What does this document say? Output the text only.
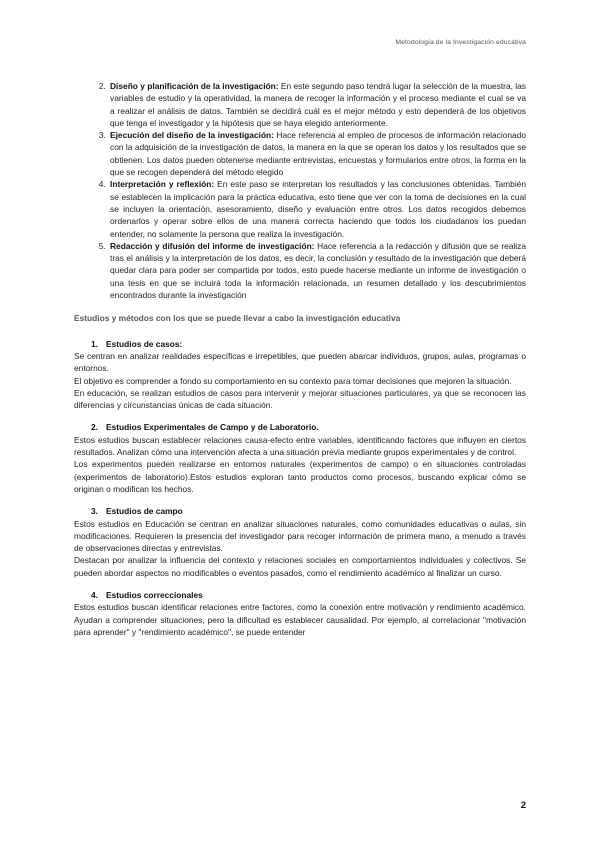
Metodología de la Investigación educativa
2. Diseño y planificación de la investigación: En este segundo paso tendrá lugar la selección de la muestra, las variables de estudio y la operatividad, la manera de recoger la información y el proceso mediante el cual se va a realizar el análisis de datos. También se decidirá cuál es el mejor método y esto dependerá de los objetivos que tenga el investigador y la hipótesis que se haya elegido anteriormente.
3. Ejecución del diseño de la investigación: Hace referencia al empleo de procesos de información relacionado con la adquisición de la investigación de datos, la manera en la que se operan los datos y los resultados que se obtienen. Los datos pueden obtenerse mediante entrevistas, encuestas y formularios entre otros, la forma en la que se recogen dependerá del método elegido
4. Interpretación y reflexión: En este paso se interpretan los resultados y las conclusiones obtenidas. También se establecen la implicación para la práctica educativa, esto tiene que ver con la toma de decisiones en la cual se incluyen la orientación, asesoramiento, diseño y evaluación entre otros. Los datos recogidos debemos ordenarlos y operar sobre ellos de una manera correcta haciendo que todos los ciudadanos los puedan entender, no solamente la persona que realiza la investigación.
5. Redacción y difusión del informe de investigación: Hace referencia a la redacción y difusión que se realiza tras el análisis y la interpretación de los datos, es decir, la conclusión y resultado de la investigación que deberá quedar clara para poder ser compartida por todos, esto puede hacerse mediante un informe de investigación o una tesis en que se incluirá toda la información relacionada, un resumen detallado y los descubrimientos encontrados durante la investigación
Estudios y métodos con los que se puede llevar a cabo la investigación educativa
1. Estudios de casos:

Se centran en analizar realidades específicas e irrepetibles, que pueden abarcar individuos, grupos, aulas, programas o entornos.

El objetivo es comprender a fondo su comportamiento en su contexto para tomar decisiones que mejoren la situación.

En educación, se realizan estudios de casos para intervenir y mejorar situaciones particulares, ya que se reconocen las diferencias y circunstancias únicas de cada situación.

2. Estudios Experimentales de Campo y de Laboratorio.

Estos estudios buscan establecer relaciones causa-efecto entre variables, identificando factores que influyen en ciertos resultados. Analizan cómo una intervención afecta a una situación previa mediante grupos experimentales y de control.

Los experimentos pueden realizarse en entornos naturales (experimentos de campo) o en situaciones controladas (experimentos de laboratorio).Estos estudios exploran tanto productos como procesos, buscando explicar cómo se originan o modifican los hechos.

3. Estudios de campo

Estos estudios en Educación se centran en analizar situaciones naturales, como comunidades educativas o aulas, sin modificaciones. Requieren la presencia del investigador para recoger información de primera mano, a menudo a través de observaciones directas y entrevistas.

Destacan por analizar la influencia del contexto y relaciones sociales en comportamientos individuales y colectivos. Se pueden abordar aspectos no modificables o eventos pasados, como el rendimiento académico al finalizar un curso.

4. Estudios correccionales

Estos estudios buscan identificar relaciones entre factores, como la conexión entre motivación y rendimiento académico. Ayudan a comprender situaciones, pero la dificultad es establecer causalidad. Por ejemplo, al correlacionar "motivación para aprender" y "rendimiento académico", se puede entender

2
